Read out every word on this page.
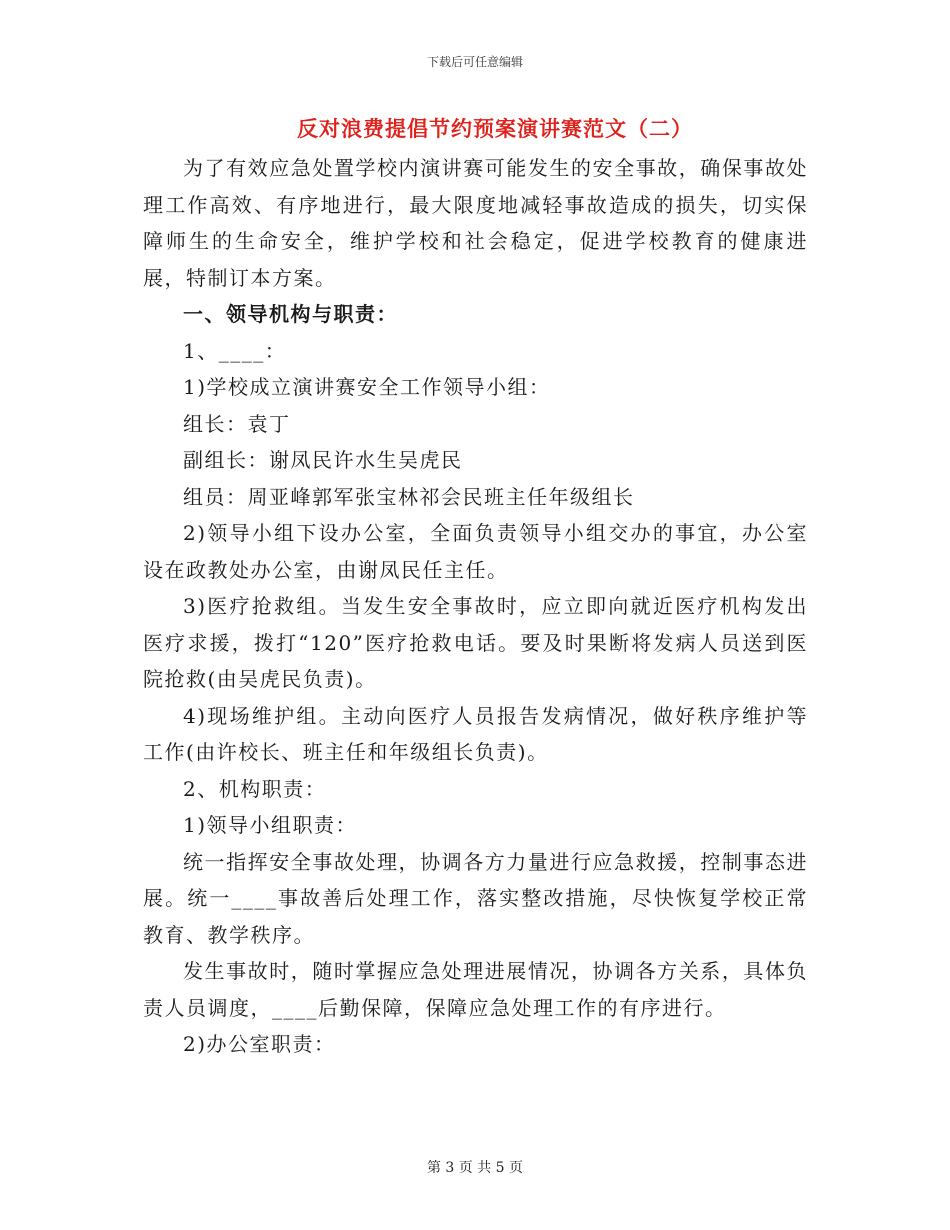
下载后可任意编辑
反对浪费提倡节约预案演讲赛范文（二）

为了有效应急处置学校内演讲赛可能发生的安全事故，确保事故处理工作高效、有序地进行，最大限度地减轻事故造成的损失，切实保障师生的生命安全，维护学校和社会稳定，促进学校教育的健康进展，特制订本方案。

一、领导机构与职责：

1、____：

1)学校成立演讲赛安全工作领导小组：

组长：袁丁

副组长：谢凤民许水生吴虎民

组员：周亚峰郭军张宝林祁会民班主任年级组长

2)领导小组下设办公室，全面负责领导小组交办的事宜，办公室设在政教处办公室，由谢凤民任主任。

3)医疗抢救组。当发生安全事故时，应立即向就近医疗机构发出医疗求援，拨打“120”医疗抢救电话。要及时果断将发病人员送到医院抢救(由吴虎民负责)。

4)现场维护组。主动向医疗人员报告发病情况，做好秩序维护等工作(由许校长、班主任和年级组长负责)。

2、机构职责：

1)领导小组职责：

统一指挥安全事故处理，协调各方力量进行应急救援，控制事态进展。统一____事故善后处理工作，落实整改措施，尽快恢复学校正常教育、教学秩序。

发生事故时，随时掌握应急处理进展情况，协调各方关系，具体负责人员调度，____后勤保障，保障应急处理工作的有序进行。

2)办公室职责：

第 3 页 共 5 页
